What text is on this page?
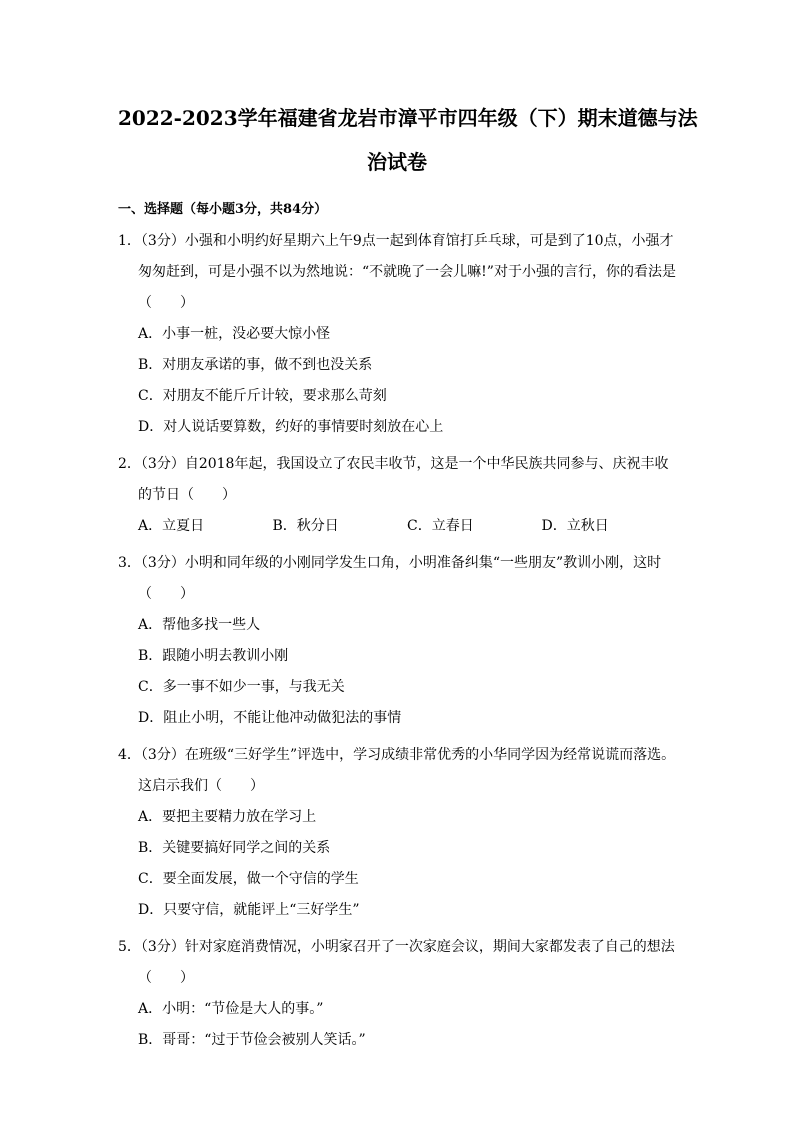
2022-2023学年福建省龙岩市漳平市四年级（下）期末道德与法
治试卷
一、选择题（每小题3分，共84分）

1．（3分）小强和小明约好星期六上午9点一起到体育馆打乒乓球，可是到了10点，小强才匆匆赶到，可是小强不以为然地说：“不就晚了一会儿嘛!”对于小强的言行，你的看法是（　　）

A．小事一桩，没必要大惊小怪

B．对朋友承诺的事，做不到也没关系

C．对朋友不能斤斤计较，要求那么苛刻

D．对人说话要算数，约好的事情要时刻放在心上

2．（3分）自2018年起，我国设立了农民丰收节，这是一个中华民族共同参与、庆祝丰收的节日（　　）

A．立夏日	B．秋分日	C．立春日	D．立秋日

3．（3分）小明和同年级的小刚同学发生口角，小明准备纠集“一些朋友”教训小刚，这时（　　）

A．帮他多找一些人

B．跟随小明去教训小刚

C．多一事不如少一事，与我无关

D．阻止小明，不能让他冲动做犯法的事情

4．（3分）在班级“三好学生”评选中，学习成绩非常优秀的小华同学因为经常说谎而落选。这启示我们（　　）

A．要把主要精力放在学习上

B．关键要搞好同学之间的关系

C．要全面发展，做一个守信的学生

D．只要守信，就能评上“三好学生”

5．（3分）针对家庭消费情况，小明家召开了一次家庭会议，期间大家都发表了自己的想法（　　）

A．小明：“节俭是大人的事。”

B．哥哥：“过于节俭会被别人笑话。”
